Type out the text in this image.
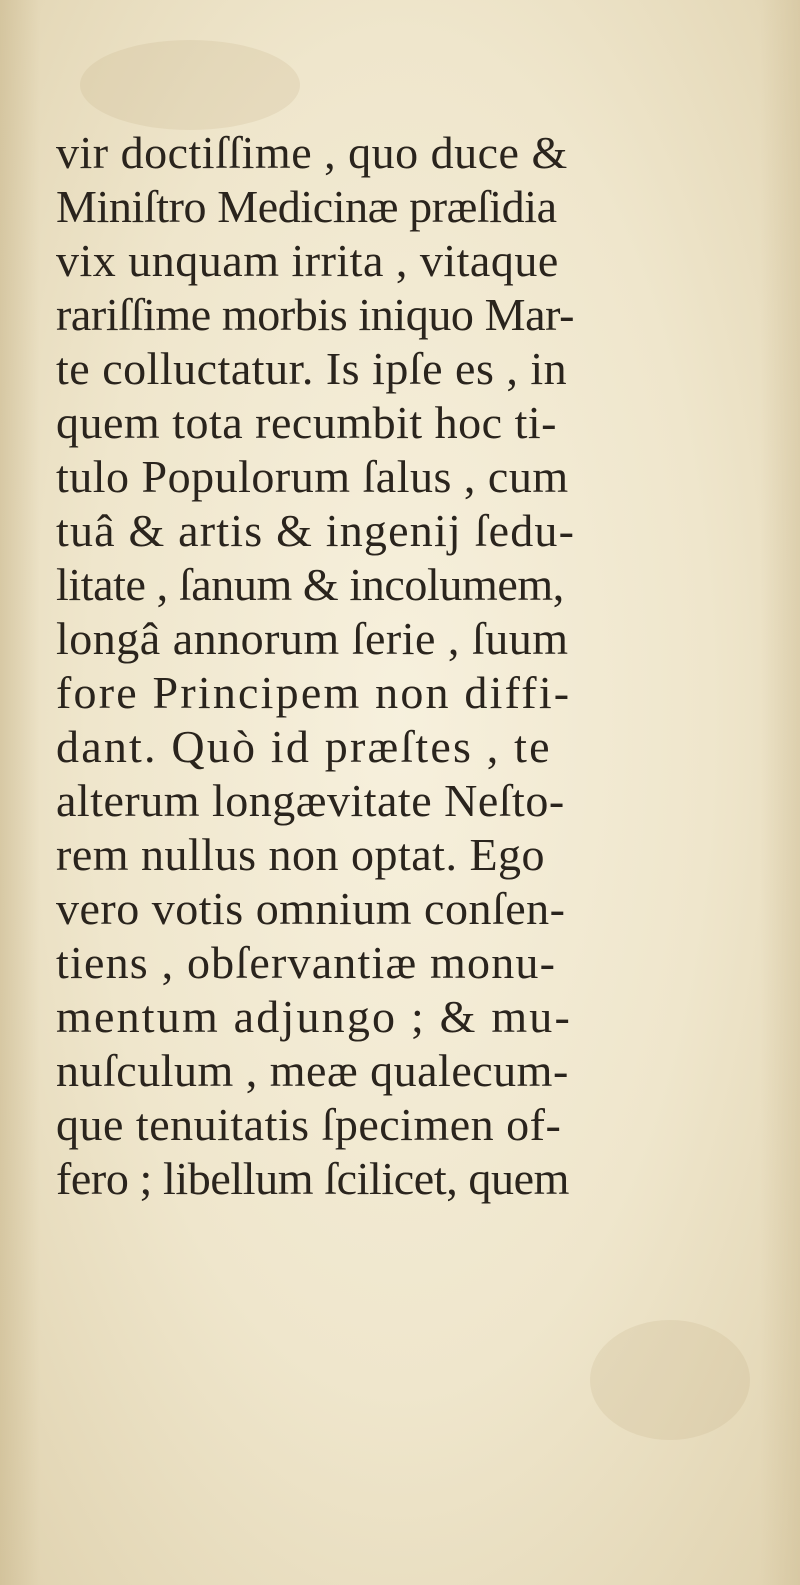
vir doctiſſime , quo duce &
Miniſtro Medicinæ præſidia
vix unquam irrita , vitaque
rariſſime morbis iniquo Mar-
te colluctatur. Is ipſe es , in
quem tota recumbit hoc ti-
tulo Populorum ſalus , cum
tuâ & artis & ingenij ſedu-
litate , ſanum & incolumem,
longâ annorum ſerie , ſuum
fore Principem non diffi-
dant. Quò id præſtes , te
alterum longævitate Neſto-
rem nullus non optat. Ego
vero votis omnium conſen-
tiens , obſervantiæ monu-
mentum adjungo ; & mu-
nuſculum , meæ qualecum-
que tenuitatis ſpecimen of-
fero ; libellum ſcilicet, quem
